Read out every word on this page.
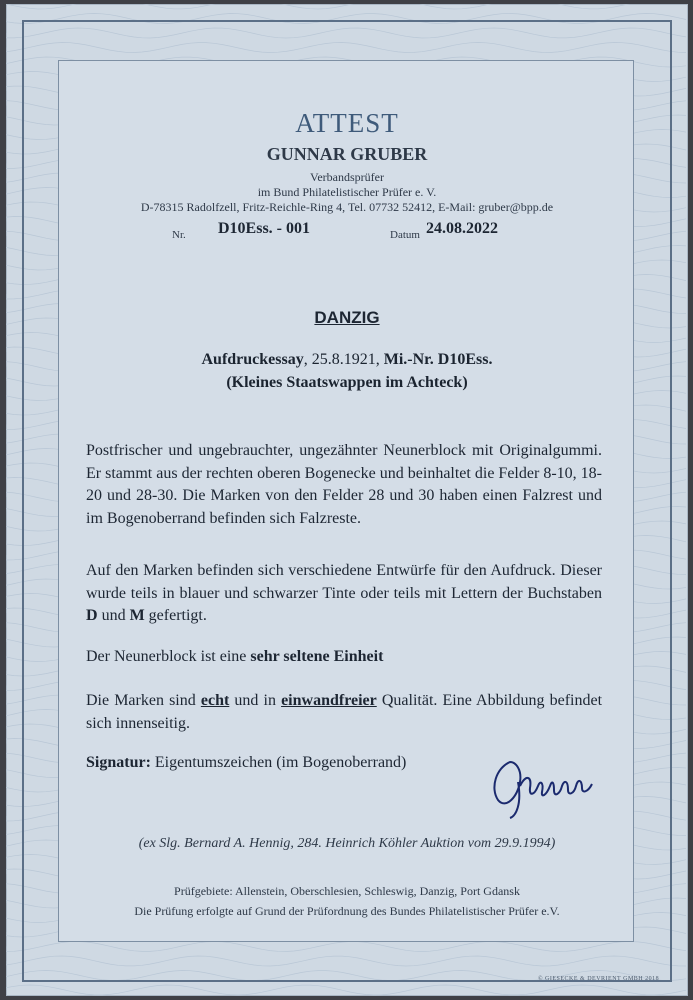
ATTEST
GUNNAR GRUBER
Verbandsprüfer
im Bund Philatelistischer Prüfer e. V.
D-78315 Radolfzell, Fritz-Reichle-Ring 4, Tel. 07732 52412, E-Mail: gruber@bpp.de
Nr. D10Ess. - 001	Datum 24.08.2022
DANZIG
Aufdruckessay, 25.8.1921, Mi.-Nr. D10Ess.
(Kleines Staatswappen im Achteck)
Postfrischer und ungebrauchter, ungezähnter Neunerblock mit Originalgummi. Er stammt aus der rechten oberen Bogenecke und beinhaltet die Felder 8-10, 18-20 und 28-30. Die Marken von den Felder 28 und 30 haben einen Falzrest und im Bogenoberrand befinden sich Falzreste.
Auf den Marken befinden sich verschiedene Entwürfe für den Aufdruck. Dieser wurde teils in blauer und schwarzer Tinte oder teils mit Lettern der Buchstaben D und M gefertigt.
Der Neunerblock ist eine sehr seltene Einheit
Die Marken sind echt und in einwandfreier Qualität. Eine Abbildung befindet sich innenseitig.
Signatur: Eigentumszeichen (im Bogenoberrand)
(ex Slg. Bernard A. Hennig, 284. Heinrich Köhler Auktion vom 29.9.1994)
Prüfgebiete: Allenstein, Oberschlesien, Schleswig, Danzig, Port Gdansk
Die Prüfung erfolgte auf Grund der Prüfordnung des Bundes Philatelistischer Prüfer e.V.
© GIESECKE & DEVRIENT GMBH 2018
